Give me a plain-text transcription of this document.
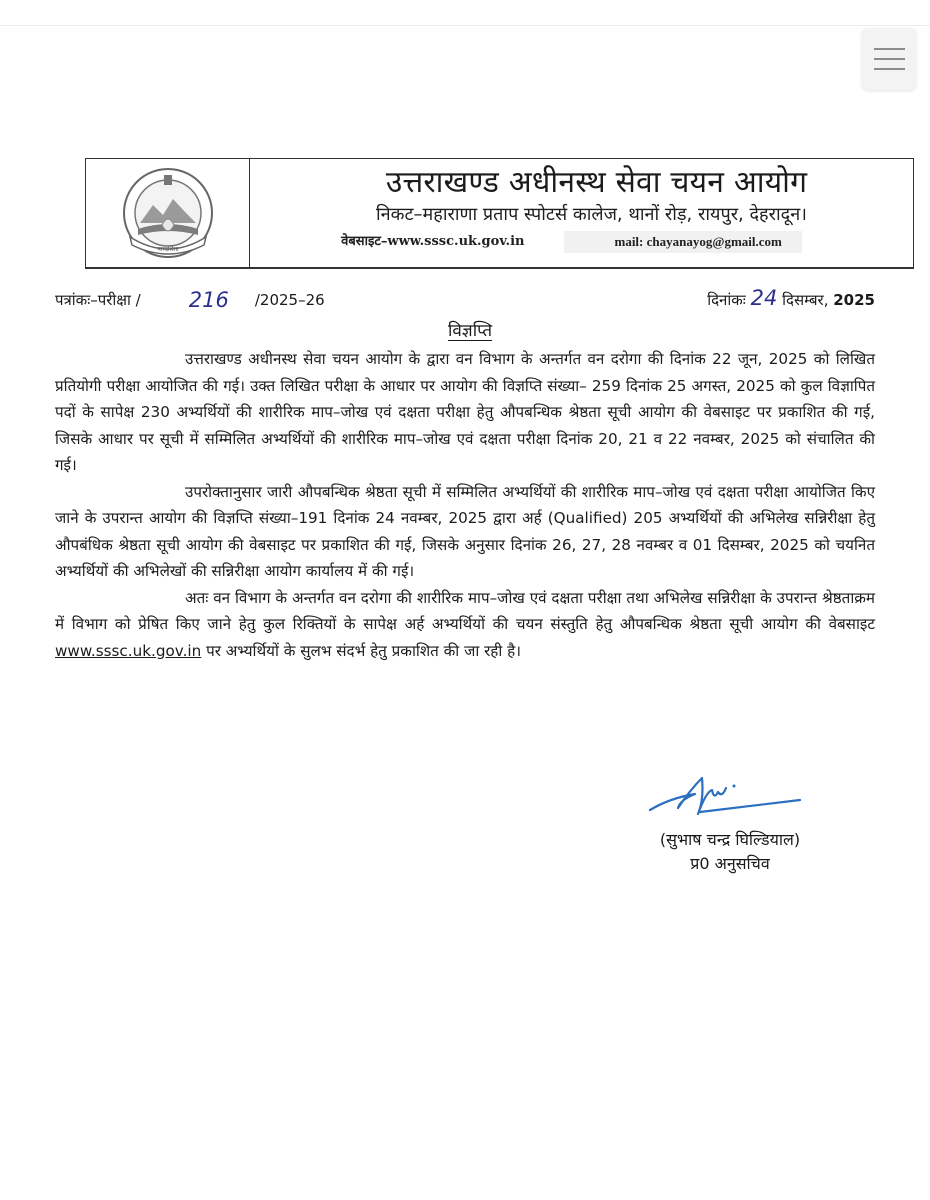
पारदर्शिता
उत्तराखण्ड अधीनस्थ सेवा चयन आयोग
निकट–महाराणा प्रताप स्पोटर्स कालेज, थानों रोड़, रायपुर, देहरादून।
वेबसाइट–www.sssc.uk.gov.in	mail: chayanayog@gmail.com
पत्रांकः–परीक्षा / 216 /2025–26	दिनांकः 24 दिसम्बर, 2025
विज्ञप्ति

उत्तराखण्ड अधीनस्थ सेवा चयन आयोग के द्वारा वन विभाग के अन्तर्गत वन दरोगा की दिनांक 22 जून, 2025 को लिखित प्रतियोगी परीक्षा आयोजित की गई। उक्त लिखित परीक्षा के आधार पर आयोग की विज्ञप्ति संख्या– 259 दिनांक 25 अगस्त, 2025 को कुल विज्ञापित पदों के सापेक्ष 230 अभ्यर्थियों की शारीरिक माप–जोख एवं दक्षता परीक्षा हेतु औपबन्धिक श्रेष्ठता सूची आयोग की वेबसाइट पर प्रकाशित की गई, जिसके आधार पर सूची में सम्मिलित अभ्यर्थियों की शारीरिक माप–जोख एवं दक्षता परीक्षा दिनांक 20, 21 व 22 नवम्बर, 2025 को संचालित की गई।

उपरोक्तानुसार जारी औपबन्धिक श्रेष्ठता सूची में सम्मिलित अभ्यर्थियों की शारीरिक माप–जोख एवं दक्षता परीक्षा आयोजित किए जाने के उपरान्त आयोग की विज्ञप्ति संख्या–191 दिनांक 24 नवम्बर, 2025 द्वारा अर्ह (Qualified) 205 अभ्यर्थियों की अभिलेख सन्निरीक्षा हेतु औपबंधिक श्रेष्ठता सूची आयोग की वेबसाइट पर प्रकाशित की गई, जिसके अनुसार दिनांक 26, 27, 28 नवम्बर व 01 दिसम्बर, 2025 को चयनित अभ्यर्थियों की अभिलेखों की सन्निरीक्षा आयोग कार्यालय में की गई।

अतः वन विभाग के अन्तर्गत वन दरोगा की शारीरिक माप–जोख एवं दक्षता परीक्षा तथा अभिलेख सन्निरीक्षा के उपरान्त श्रेष्ठताक्रम में विभाग को प्रेषित किए जाने हेतु कुल रिक्तियों के सापेक्ष अर्ह अभ्यर्थियों की चयन संस्तुति हेतु औपबन्धिक श्रेष्ठता सूची आयोग की वेबसाइट www.sssc.uk.gov.in पर अभ्यर्थियों के सुलभ संदर्भ हेतु प्रकाशित की जा रही है।

(सुभाष चन्द्र घिल्डियाल)
प्र0 अनुसचिव
